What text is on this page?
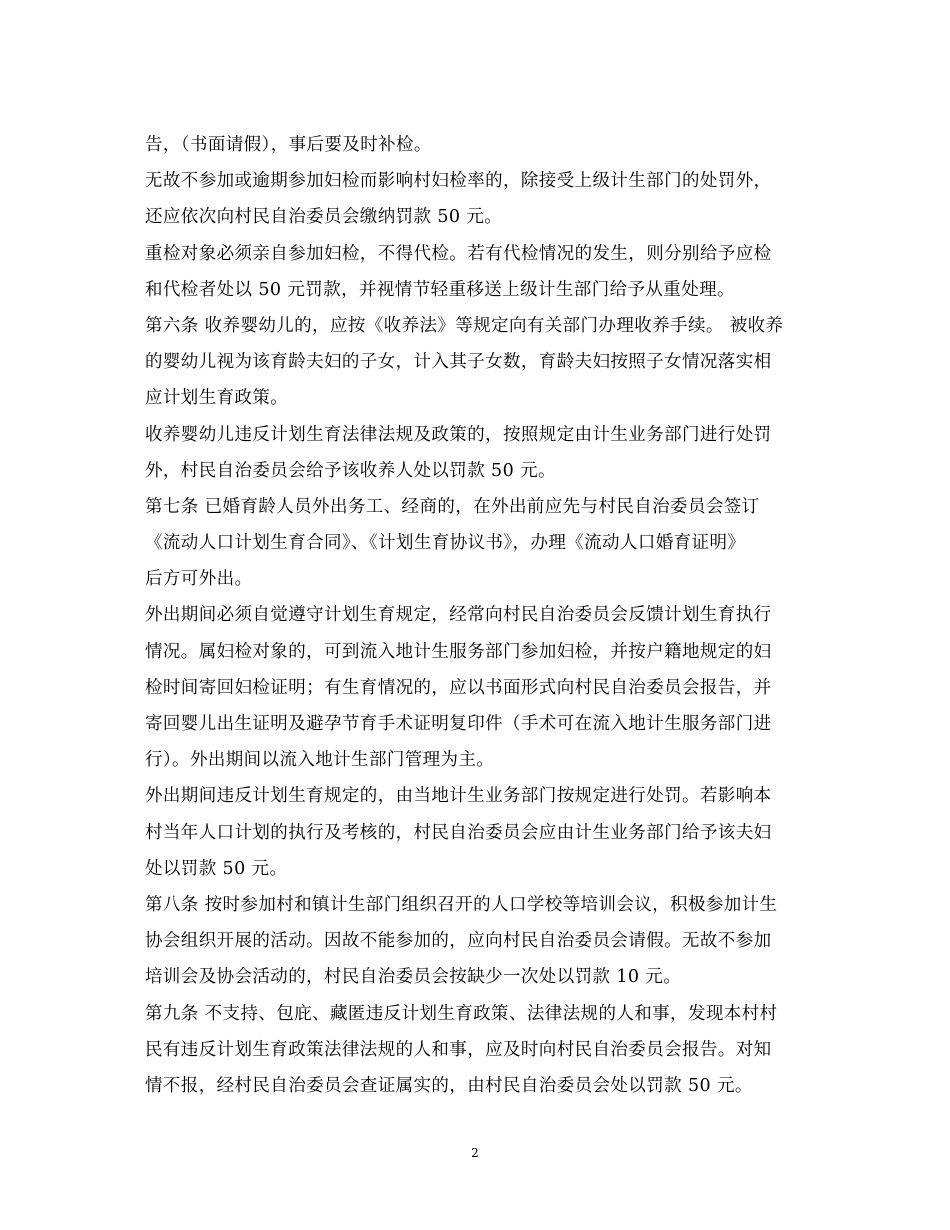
告，（书面请假），事后要及时补检。
无故不参加或逾期参加妇检而影响村妇检率的，除接受上级计生部门的处罚外，
还应依次向村民自治委员会缴纳罚款 50 元。
重检对象必须亲自参加妇检，不得代检。若有代检情况的发生，则分别给予应检
和代检者处以 50 元罚款，并视情节轻重移送上级计生部门给予从重处理。
第六条 收养婴幼儿的，应按《收养法》等规定向有关部门办理收养手续。 被收养
的婴幼儿视为该育龄夫妇的子女，计入其子女数，育龄夫妇按照子女情况落实相
应计划生育政策。
收养婴幼儿违反计划生育法律法规及政策的，按照规定由计生业务部门进行处罚
外，村民自治委员会给予该收养人处以罚款 50 元。
第七条 已婚育龄人员外出务工、经商的，在外出前应先与村民自治委员会签订
《流动人口计划生育合同》、《计划生育协议书》，办理《流动人口婚育证明》
后方可外出。
外出期间必须自觉遵守计划生育规定，经常向村民自治委员会反馈计划生育执行
情况。属妇检对象的，可到流入地计生服务部门参加妇检，并按户籍地规定的妇
检时间寄回妇检证明；有生育情况的，应以书面形式向村民自治委员会报告，并
寄回婴儿出生证明及避孕节育手术证明复印件（手术可在流入地计生服务部门进
行）。外出期间以流入地计生部门管理为主。
外出期间违反计划生育规定的，由当地计生业务部门按规定进行处罚。若影响本
村当年人口计划的执行及考核的，村民自治委员会应由计生业务部门给予该夫妇
处以罚款 50 元。
第八条 按时参加村和镇计生部门组织召开的人口学校等培训会议，积极参加计生
协会组织开展的活动。因故不能参加的，应向村民自治委员会请假。无故不参加
培训会及协会活动的，村民自治委员会按缺少一次处以罚款 10 元。
第九条 不支持、包庇、藏匿违反计划生育政策、法律法规的人和事，发现本村村
民有违反计划生育政策法律法规的人和事，应及时向村民自治委员会报告。对知
情不报，经村民自治委员会查证属实的，由村民自治委员会处以罚款 50 元。
2
